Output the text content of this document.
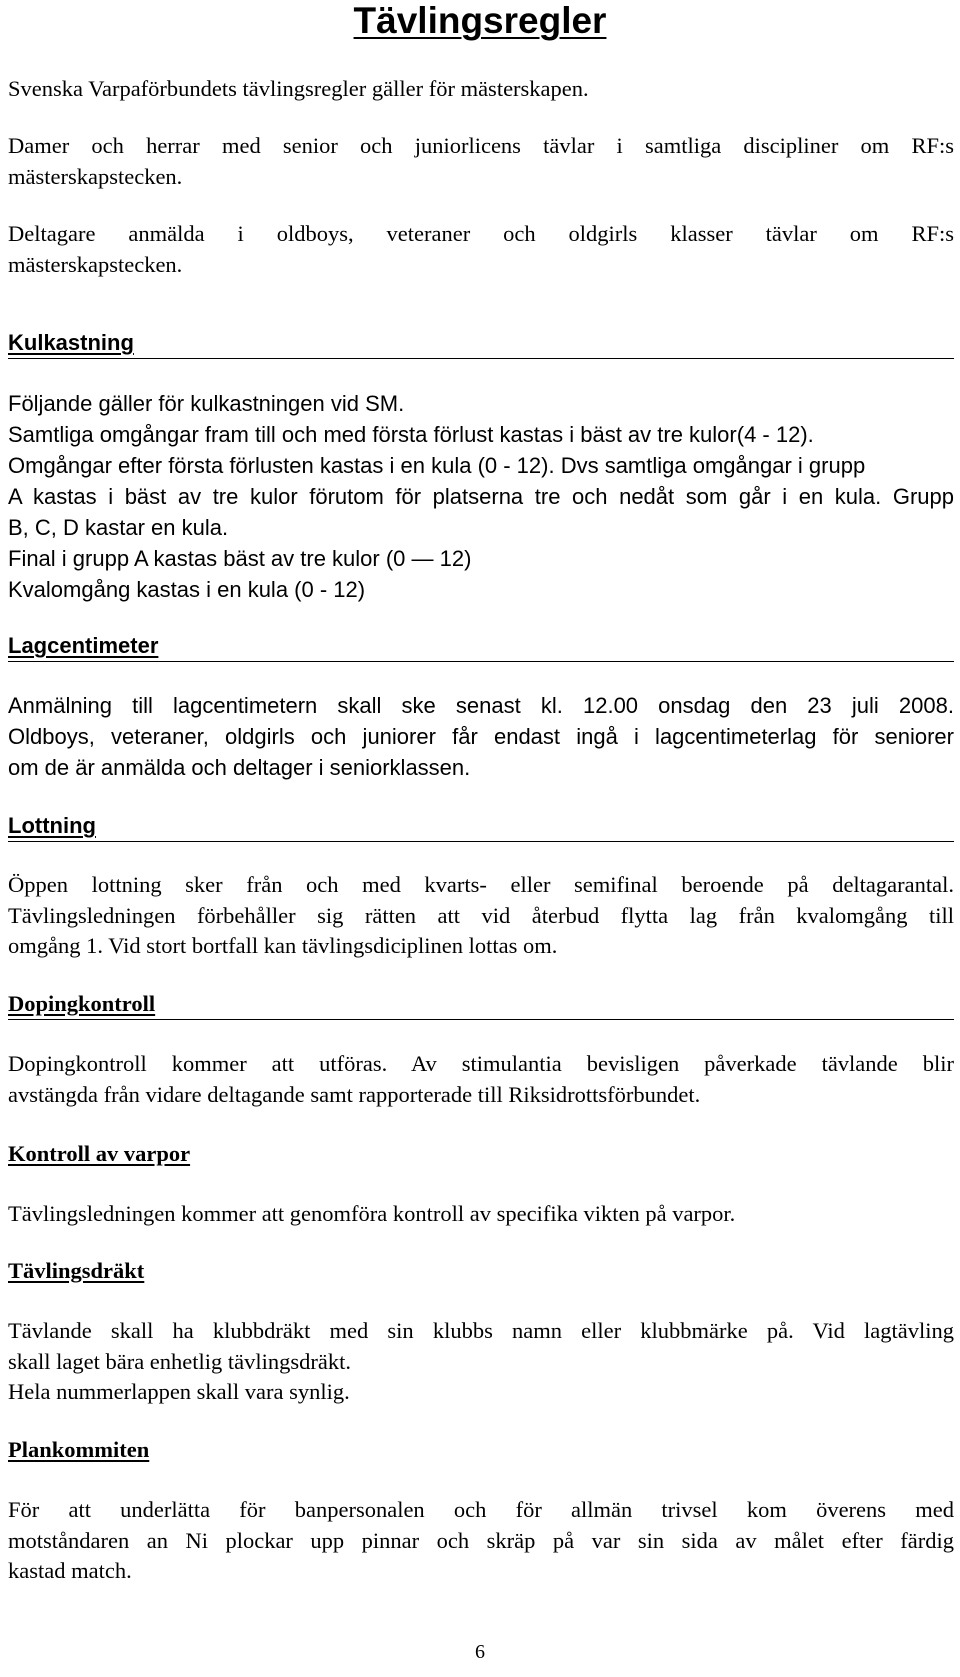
Tävlingsregler
Svenska Varpaförbundets tävlingsregler gäller för mästerskapen.
Damer och herrar med senior och juniorlicens tävlar i samtliga discipliner om RF:s
mästerskapstecken.
Deltagare anmälda i oldboys, veteraner och oldgirls klasser tävlar om RF:s
mästerskapstecken.
Kulkastning
Följande gäller för kulkastningen vid SM.
Samtliga omgångar fram till och med första förlust kastas i bäst av tre kulor(4 - 12).
Omgångar efter första förlusten kastas i en kula (0 - 12). Dvs samtliga omgångar i grupp
A kastas i bäst av tre kulor förutom för platserna tre och nedåt som går i en kula. Grupp
B, C, D kastar en kula.
Final i grupp A kastas bäst av tre kulor (0 — 12)
Kvalomgång kastas i en kula (0 - 12)
Lagcentimeter
Anmälning till lagcentimetern skall ske senast kl. 12.00 onsdag den 23 juli 2008.
Oldboys, veteraner, oldgirls och juniorer får endast ingå i lagcentimeterlag för seniorer
om de är anmälda och deltager i seniorklassen.
Lottning
Öppen lottning sker från och med kvarts- eller semifinal beroende på deltagarantal.
Tävlingsledningen förbehåller sig rätten att vid återbud flytta lag från kvalomgång till
omgång 1. Vid stort bortfall kan tävlingsdiciplinen lottas om.
Dopingkontroll
Dopingkontroll kommer att utföras. Av stimulantia bevisligen påverkade tävlande blir
avstängda från vidare deltagande samt rapporterade till Riksidrottsförbundet.
Kontroll av varpor
Tävlingsledningen kommer att genomföra kontroll av specifika vikten på varpor.
Tävlingsdräkt
Tävlande skall ha klubbdräkt med sin klubbs namn eller klubbmärke på. Vid lagtävling
skall laget bära enhetlig tävlingsdräkt.
Hela nummerlappen skall vara synlig.
Plankommiten
För att underlätta för banpersonalen och för allmän trivsel kom överens med
motståndaren an Ni plockar upp pinnar och skräp på var sin sida av målet efter färdig
kastad match.
6
